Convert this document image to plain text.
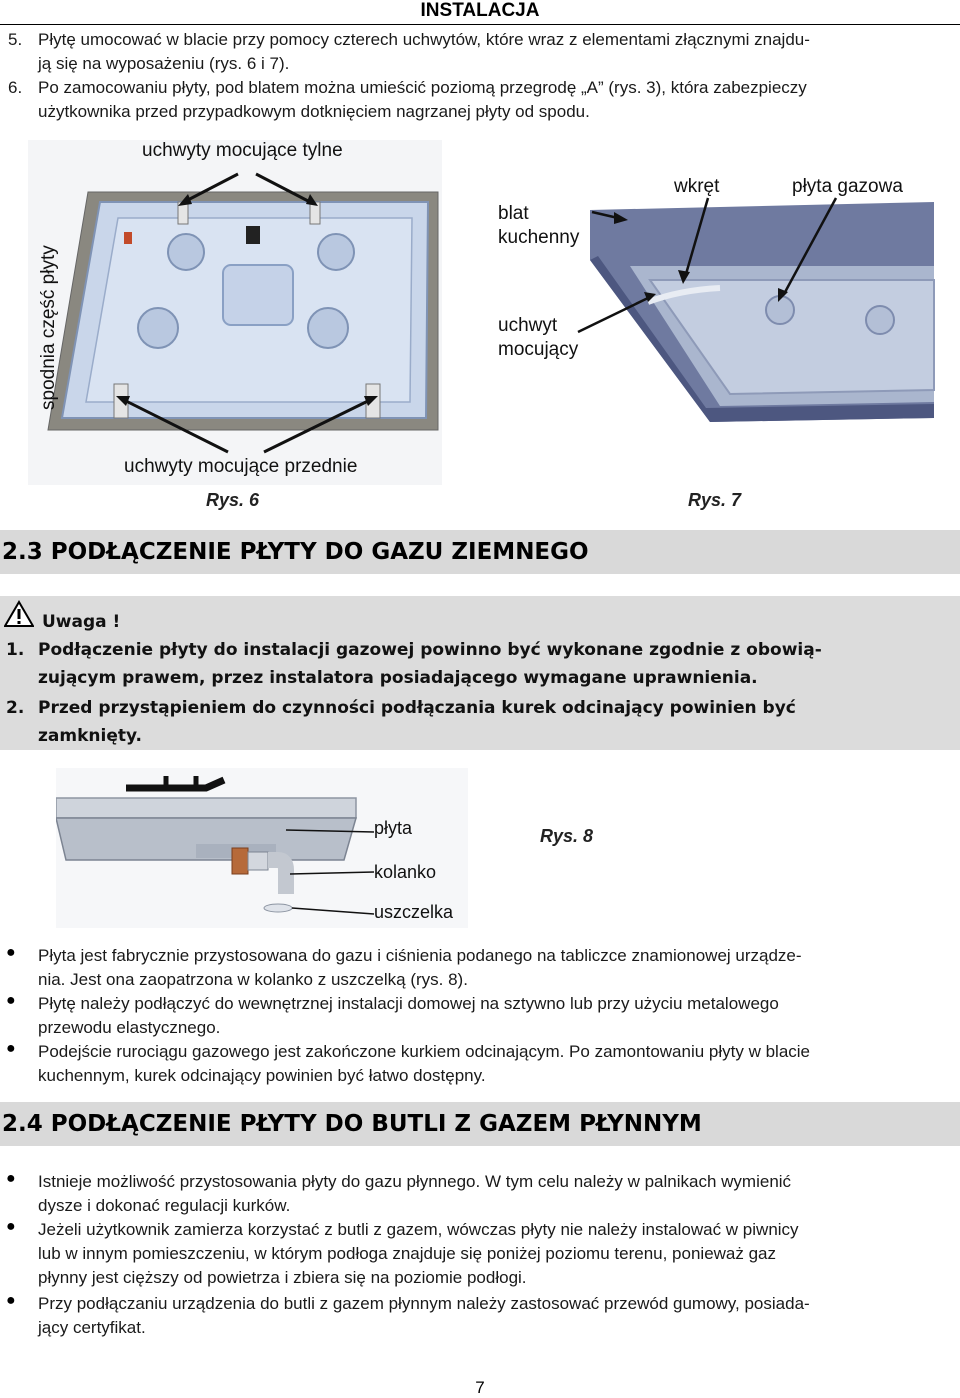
INSTALACJA
5. Płytę umocować w blacie przy pomocy czterech uchwytów, które wraz z elementami złącznymi znajdu-
ją się na wyposażeniu (rys. 6 i 7).
6. Po zamocowaniu płyty, pod blatem można umieścić poziomą przegrodę „A” (rys. 3), która zabezpieczy
użytkownika przed przypadkowym dotknięciem nagrzanej płyty od spodu.
uchwyty mocujące tylne
uchwyty mocujące przednie
Rys. 6
blat
kuchenny
wkręt	płyta gazowa
uchwyt
mocujący
Rys. 7
2.3 PODŁĄCZENIE PŁYTY DO GAZU ZIEMNEGO
Uwaga !
1. Podłączenie płyty do instalacji gazowej powinno być wykonane zgodnie z obowią-
zującym prawem, przez instalatora posiadającego wymagane uprawnienia.
2. Przed przystąpieniem do czynności podłączania kurek odcinający powinien być
zamknięty.
płyta
kolanko
uszczelka
Rys. 8
● Płyta jest fabrycznie przystosowana do gazu i ciśnienia podanego na tabliczce znamionowej urządze-
nia. Jest ona zaopatrzona w kolanko z uszczelką (rys. 8).
● Płytę należy podłączyć do wewnętrznej instalacji domowej na sztywno lub przy użyciu metalowego
przewodu elastycznego.
● Podejście rurociągu gazowego jest zakończone kurkiem odcinającym. Po zamontowaniu płyty w blacie
kuchennym, kurek odcinający powinien być łatwo dostępny.
2.4 PODŁĄCZENIE PŁYTY DO BUTLI Z GAZEM PŁYNNYM
● Istnieje możliwość przystosowania płyty do gazu płynnego. W tym celu należy w palnikach wymienić
dysze i dokonać regulacji kurków.
● Jeżeli użytkownik zamierza korzystać z butli z gazem, wówczas płyty nie należy instalować w piwnicy
lub w innym pomieszczeniu, w którym podłoga znajduje się poniżej poziomu terenu, ponieważ gaz
płynny jest cięższy od powietrza i zbiera się na poziomie podłogi.
● Przy podłączaniu urządzenia do butli z gazem płynnym należy zastosować przewód gumowy, posiada-
jący certyfikat.
7
